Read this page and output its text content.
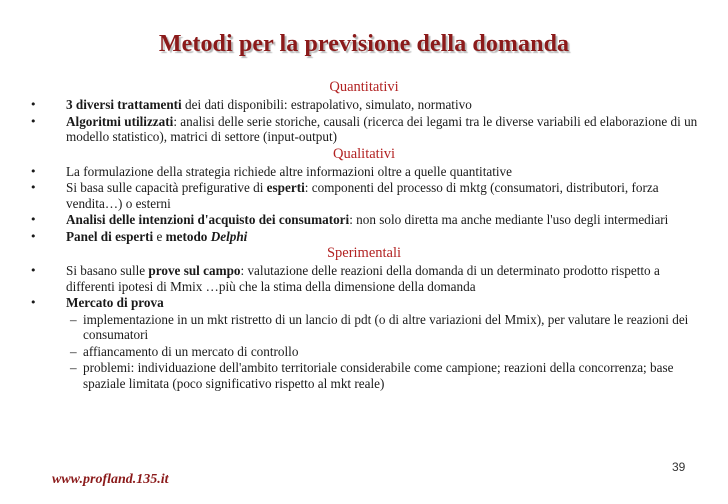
Metodi per la previsione della domanda
Quantitativi
•	3 diversi trattamenti dei dati disponibili: estrapolativo, simulato, normativo
•	Algoritmi utilizzati: analisi delle serie storiche, causali (ricerca dei legami tra le diverse variabili ed elaborazione di un modello statistico), matrici di settore (input-output)
Qualitativi
•	La formulazione della strategia richiede altre informazioni oltre a quelle quantitative
•	Si basa sulle capacità prefigurative di esperti: componenti del processo di mktg (consumatori, distributori, forza vendita…) o esterni
•	Analisi delle intenzioni d'acquisto dei consumatori: non solo diretta ma anche mediante l'uso degli intermediari
•	Panel di esperti e metodo Delphi
Sperimentali
•	Si basano sulle prove sul campo: valutazione delle reazioni della domanda di un determinato prodotto rispetto a differenti ipotesi di Mmix …più che la stima della dimensione della domanda
•	Mercato di prova
– implementazione in un mkt ristretto di un lancio di pdt (o di altre variazioni del Mmix), per valutare le reazioni dei consumatori
– affiancamento di un mercato di controllo
– problemi: individuazione dell'ambito territoriale considerabile come campione; reazioni della concorrenza; base spaziale limitata (poco significativo rispetto al mkt reale)
39
www.profland.135.it
